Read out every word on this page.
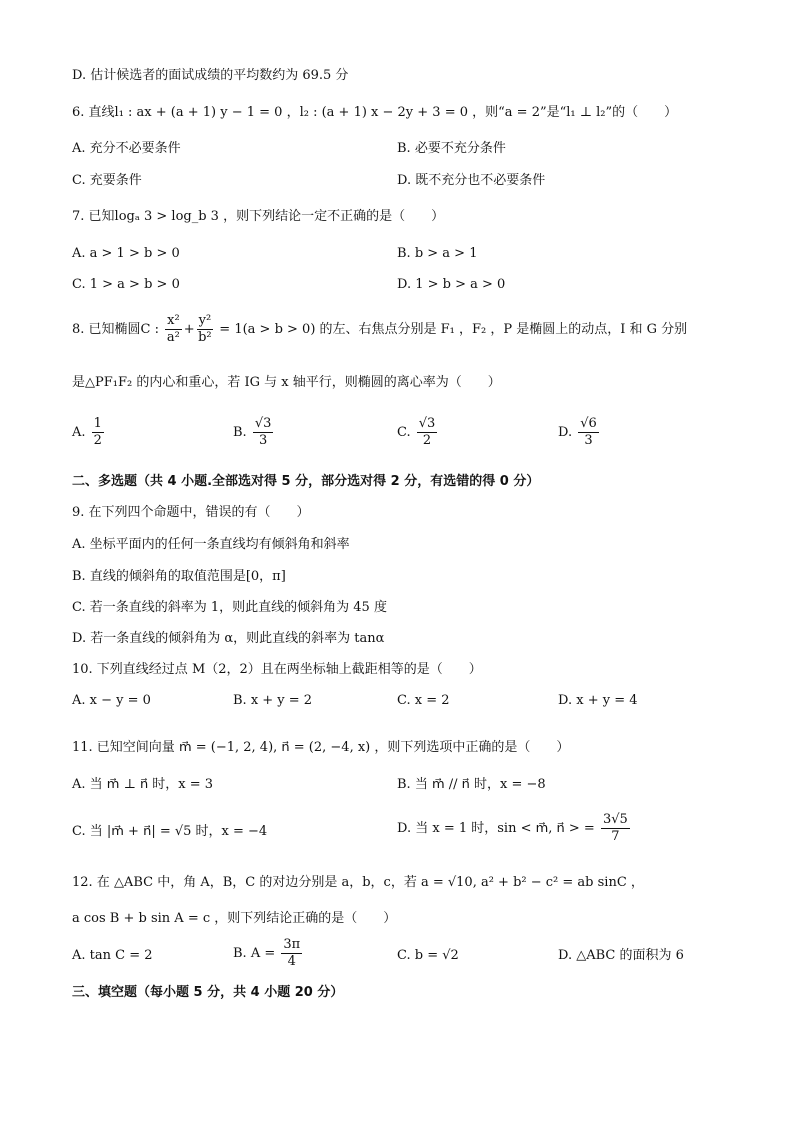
D. 估计候选者的面试成绩的平均数约为 69.5 分
6. 直线l₁ : ax + (a + 1) y − 1 = 0 ，l₂ : (a + 1) x − 2y + 3 = 0 ，则“a = 2”是“l₁ ⊥ l₂”的（　　）
A. 充分不必要条件	B. 必要不充分条件
C. 充要条件	D. 既不充分也不必要条件
7. 已知logₐ 3 > log_b 3 ，则下列结论一定不正确的是（　　）
A. a > 1 > b > 0	B. b > a > 1
C. 1 > a > b > 0	D. 1 > b > a > 0
8. 已知椭圆C : $\frac{\text{x²}}{\text{a²}} + \frac{\text{y²}}{\text{b²}} = 1(a > b > 0)$ 的左、右焦点分别是 F₁ ，F₂ ，P 是椭圆上的动点，I 和 G 分别
是△PF₁F₂ 的内心和重心，若 IG 与 x 轴平行，则椭圆的离心率为（　　）
A. $\frac{1}{2}$	B. $\frac{√3}{3}$	C. $\frac{√3}{2}$	D. $\frac{√6}{3}$
二、多选题（共 4 小题.全部选对得 5 分，部分选对得 2 分，有选错的得 0 分）
9. 在下列四个命题中，错误的有（　　）
A. 坐标平面内的任何一条直线均有倾斜角和斜率
B. 直线的倾斜角的取值范围是[0，π]
C. 若一条直线的斜率为 1，则此直线的倾斜角为 45 度
D. 若一条直线的倾斜角为 α，则此直线的斜率为 tanα
10. 下列直线经过点 M（2，2）且在两坐标轴上截距相等的是（　　）
A. x − y = 0	B. x + y = 2	C. x = 2	D. x + y = 4
11. 已知空间向量 m⃗ = (−1, 2, 4), n⃗ = (2, −4, x) ，则下列选项中正确的是（　　）
A. 当 m⃗ ⊥ n⃗ 时，x = 3	B. 当 m⃗ // n⃗ 时，x = −8
C. 当 |m⃗ + n⃗| = √5 时，x = −4	D. 当 x = 1 时，sin < m⃗, n⃗ > = $\frac{3√5}{7}$
12. 在 △ABC 中，角 A，B，C 的对边分别是 a，b，c，若 a = √10, a² + b² − c² = ab sinC ，
a cos B + b sin A = c ，则下列结论正确的是（　　）
A. tan C = 2	B. $A = \frac{3\pi}{4}$	C. b = √2	D. △ABC 的面积为 6
三、填空题（每小题 5 分，共 4 小题 20 分）
